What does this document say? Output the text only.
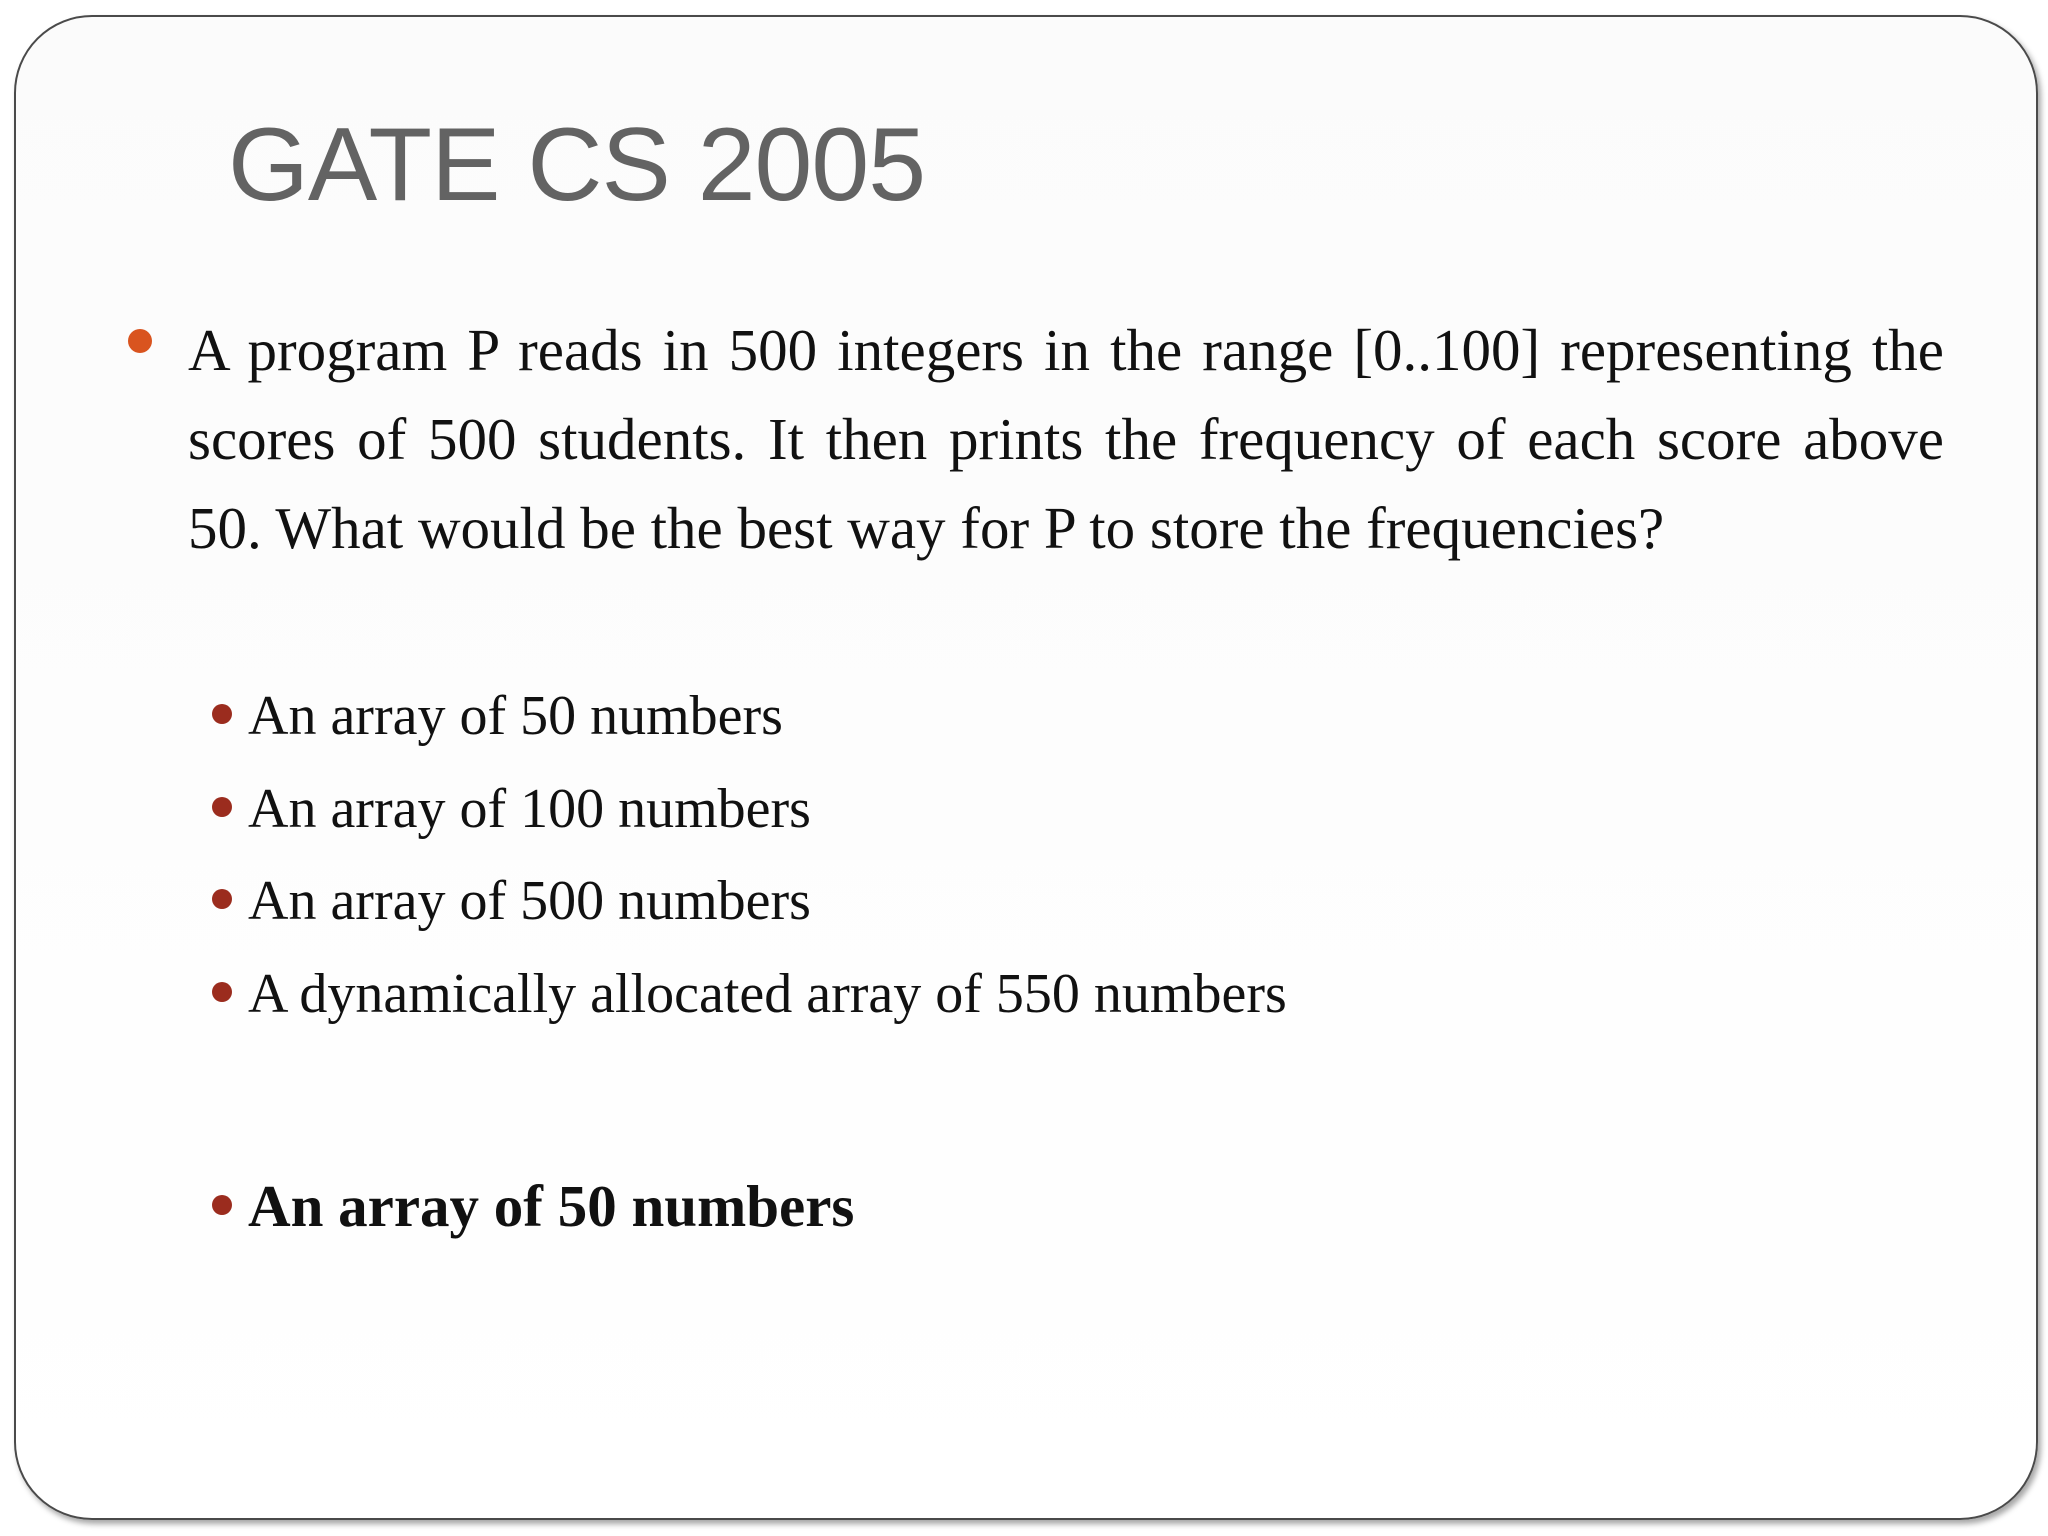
GATE CS 2005

A program P reads in 500 integers in the range [0..100] representing the scores of 500 students. It then prints the frequency of each score above 50. What would be the best way for P to store the frequencies?

An array of 50 numbers
An array of 100 numbers
An array of 500 numbers
A dynamically allocated array of 550 numbers
An array of 50 numbers
